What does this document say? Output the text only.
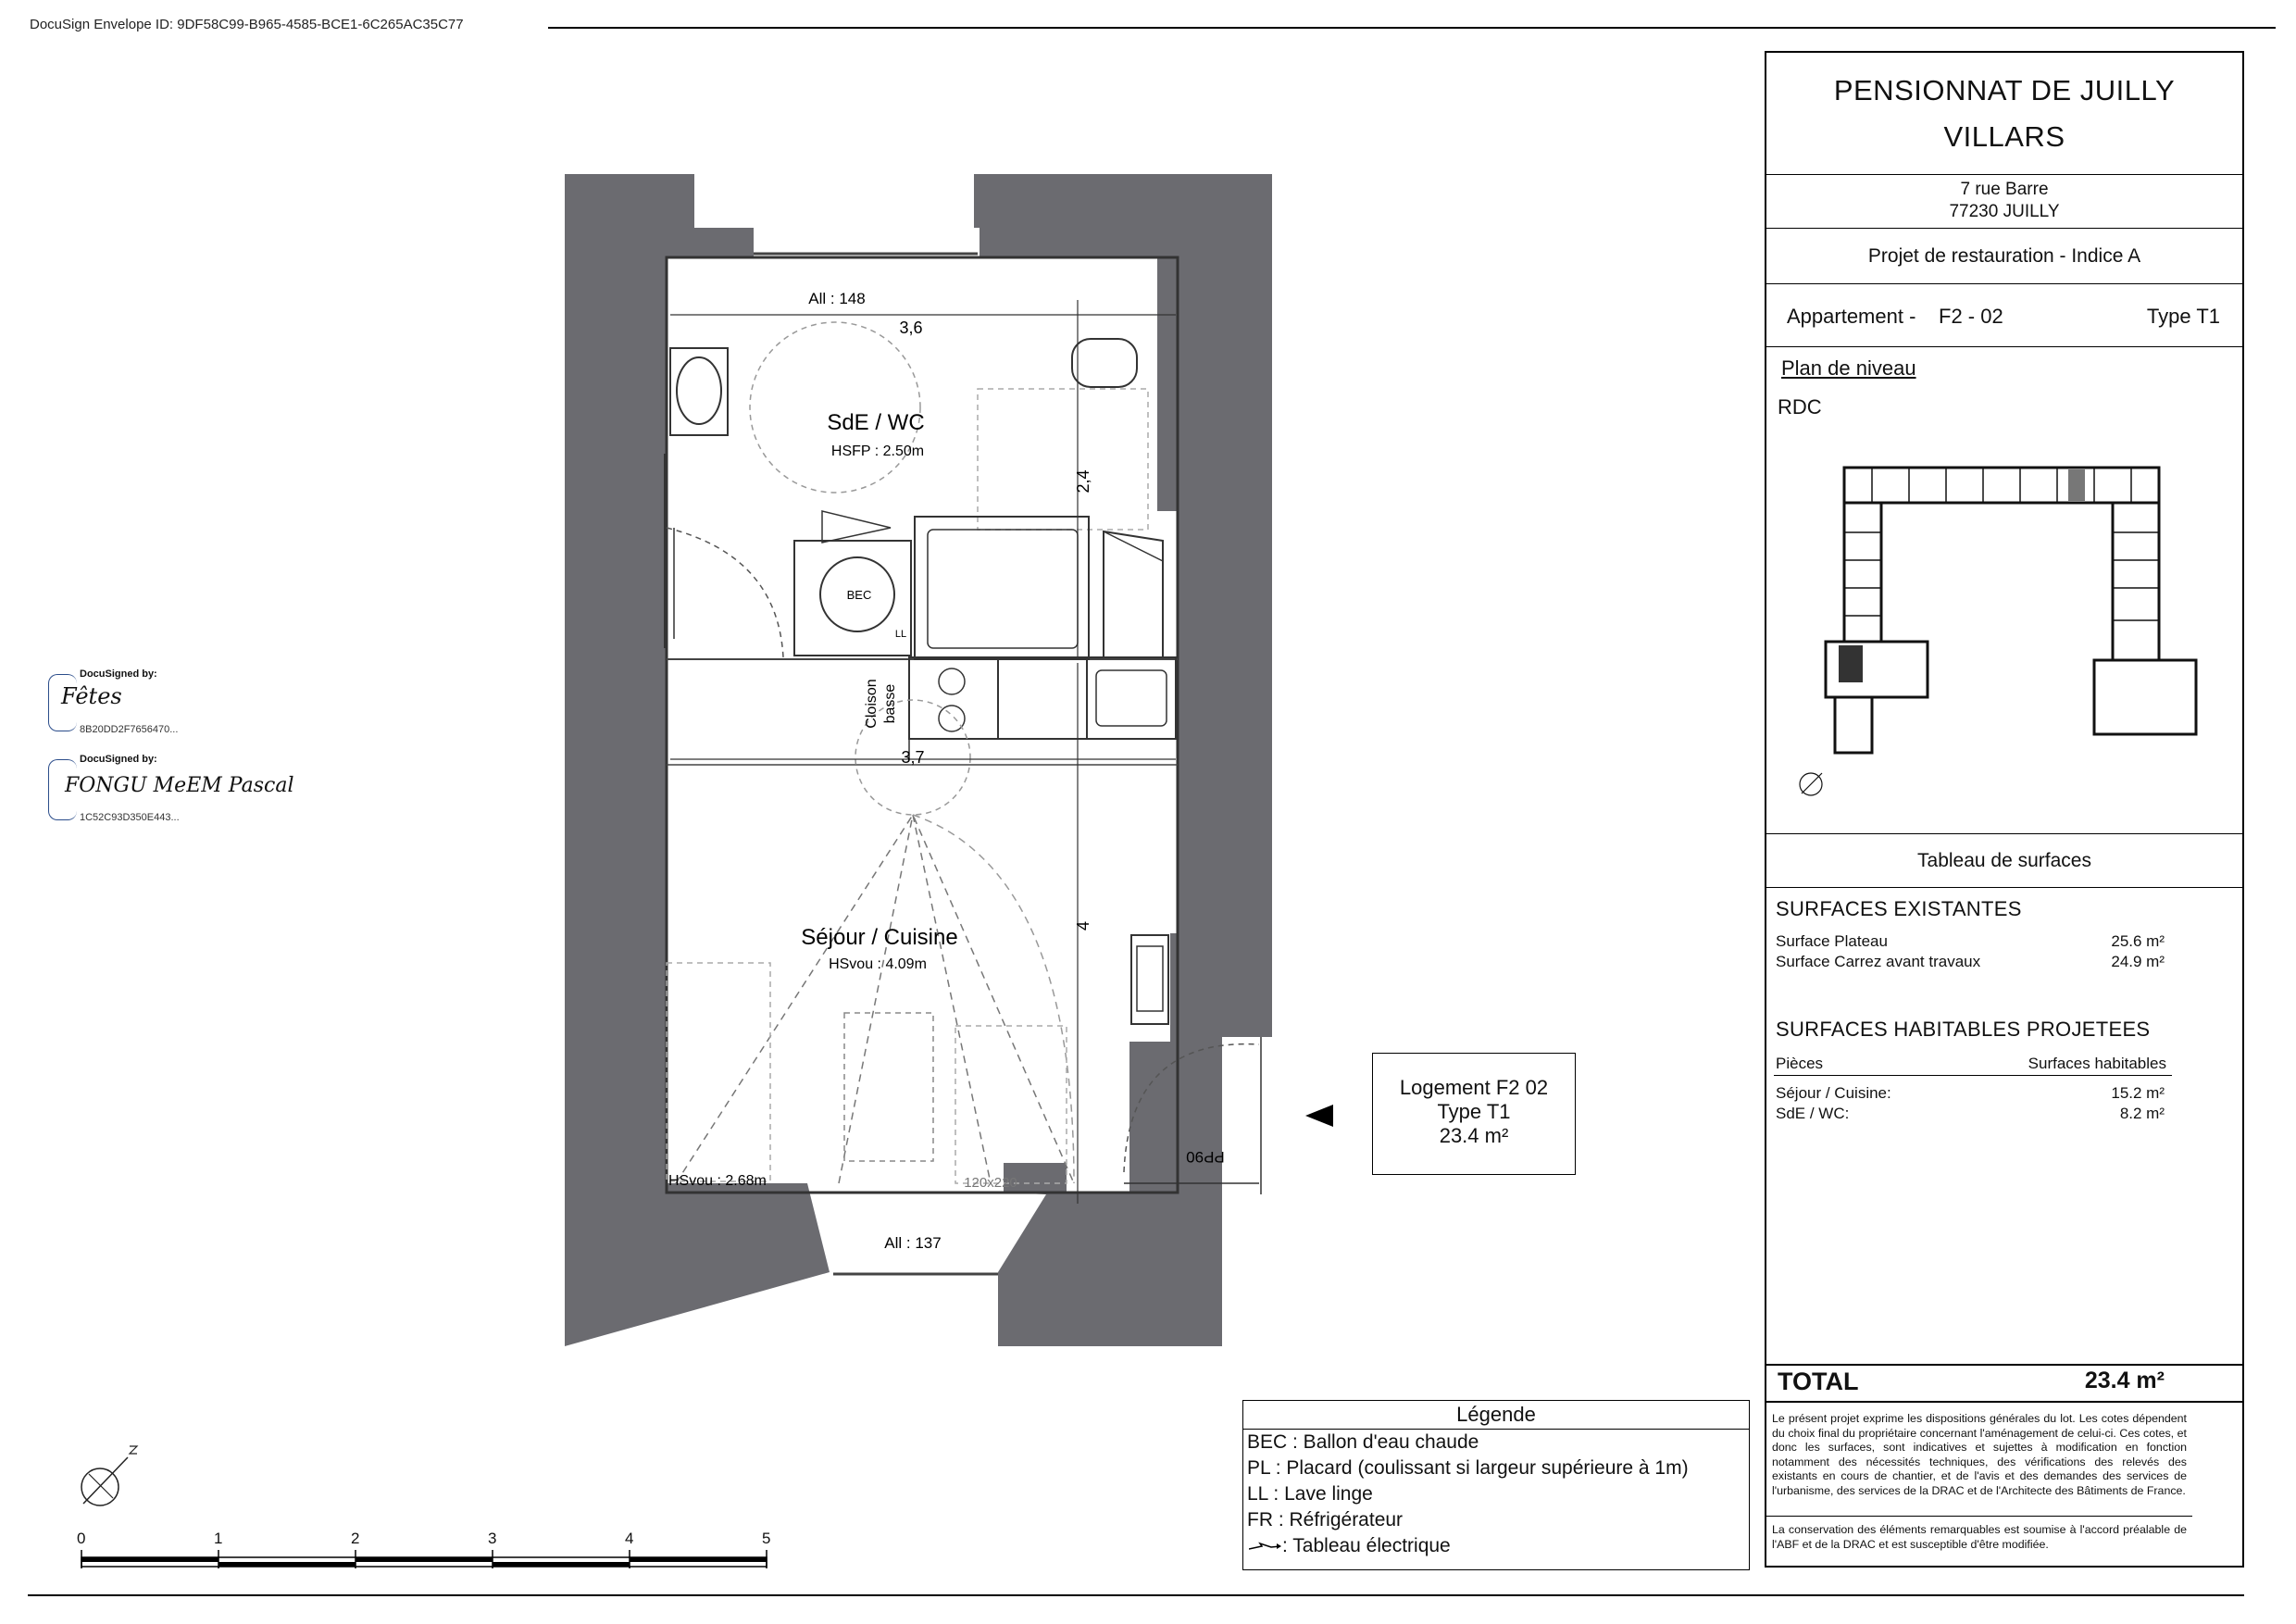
DocuSign Envelope ID: 9DF58C99-B965-4585-BCE1-6C265AC35C77
DocuSigned by:
Fêtes
8B20DD2F7656470...
DocuSigned by:
FONGU MeEM Pascal
1C52C93D350E443...
All : 148
3,6
SdE / WC
HSFP : 2.50m
2,4
BEC
LL
Cloison basse
3,7
Séjour / Cuisine
HSvou : 4.09m
4
HSvou : 2.68m	120x220
PP90
All : 137
Logement F2 02
Type T1
23.4 m²
0	1	2	3	4	5
Légende
BEC : Ballon d'eau chaude
PL : Placard (coulissant si largeur supérieure à 1m)
LL : Lave linge
FR : Réfrigérateur
: Tableau électrique
PENSIONNAT DE JUILLY
VILLARS
7 rue Barre
77230 JUILLY
Projet de restauration - Indice A
Appartement - F2 - 02	Type T1
Plan de niveau
RDC
Tableau de surfaces
SURFACES EXISTANTES
Surface Plateau	25.6 m²
Surface Carrez avant travaux	24.9 m²
SURFACES HABITABLES PROJETEES
Pièces	Surfaces habitables
Séjour / Cuisine:	15.2 m²
SdE / WC:	8.2 m²
TOTAL	23.4 m²
Le présent projet exprime les dispositions générales du lot. Les cotes dépendent du choix final du propriétaire concernant l'aménagement de celui-ci. Ces cotes, et donc les surfaces, sont indicatives et sujettes à modification en fonction notamment des nécessités techniques, des vérifications des relevés des existants en cours de chantier, et de l'avis et des demandes des services de l'urbanisme, des services de la DRAC et de l'Architecte des Bâtiments de France.
La conservation des éléments remarquables est soumise à l'accord préalable de l'ABF et de la DRAC et est susceptible d'être modifiée.
